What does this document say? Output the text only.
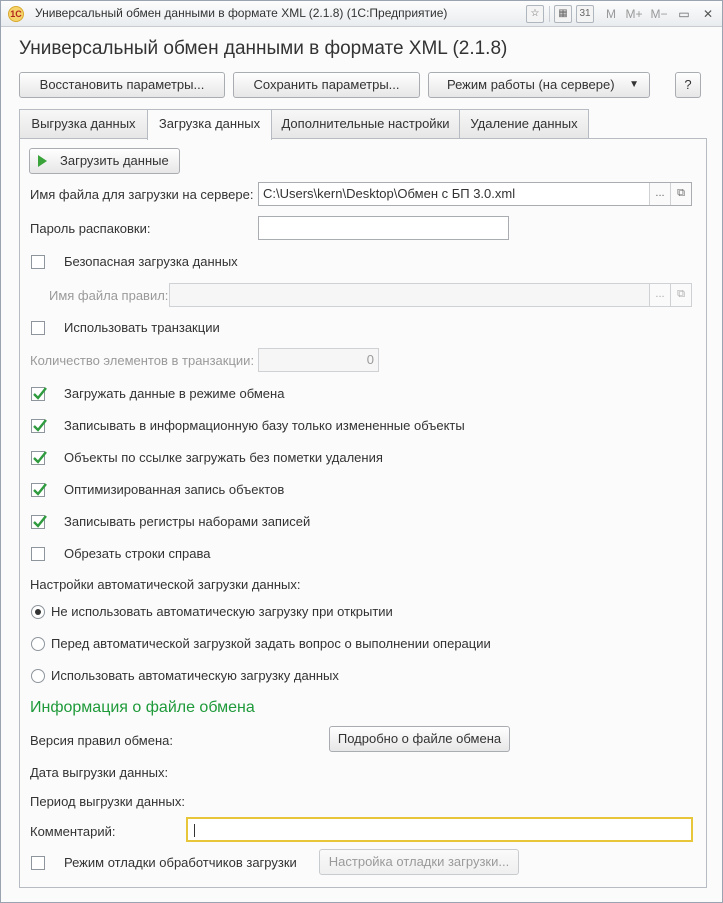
1С Универсальный обмен данными в формате XML (2.1.8) (1С:Предприятие)	☆	▦	31 M M+ M− ▭	✕
Универсальный обмен данными в формате XML (2.1.8)
Восстановить параметры...	Сохранить параметры...	Режим работы (на сервере) ▼	?
Выгрузка данных	Загрузка данных	Дополнительные настройки	Удаление данных
Загрузить данные
Имя файла для загрузки на сервере: C:\Users\kern\Desktop\Обмен с БП 3.0.xml	...	⧉
Пароль распаковки:
Безопасная загрузка данных
Имя файла правил:	...	⧉
Использовать транзакции
Количество элементов в транзакции:	0
Загружать данные в режиме обмена
Записывать в информационную базу только измененные объекты
Объекты по ссылке загружать без пометки удаления
Оптимизированная запись объектов
Записывать регистры наборами записей
Обрезать строки справа
Настройки автоматической загрузки данных:
Не использовать автоматическую загрузку при открытии
Перед автоматической загрузкой задать вопрос о выполнении операции
Использовать автоматическую загрузку данных
Информация о файле обмена
Версия правил обмена:	Подробно о файле обмена
Дата выгрузки данных:
Период выгрузки данных:
Комментарий:
Режим отладки обработчиков загрузки	Настройка отладки загрузки...
